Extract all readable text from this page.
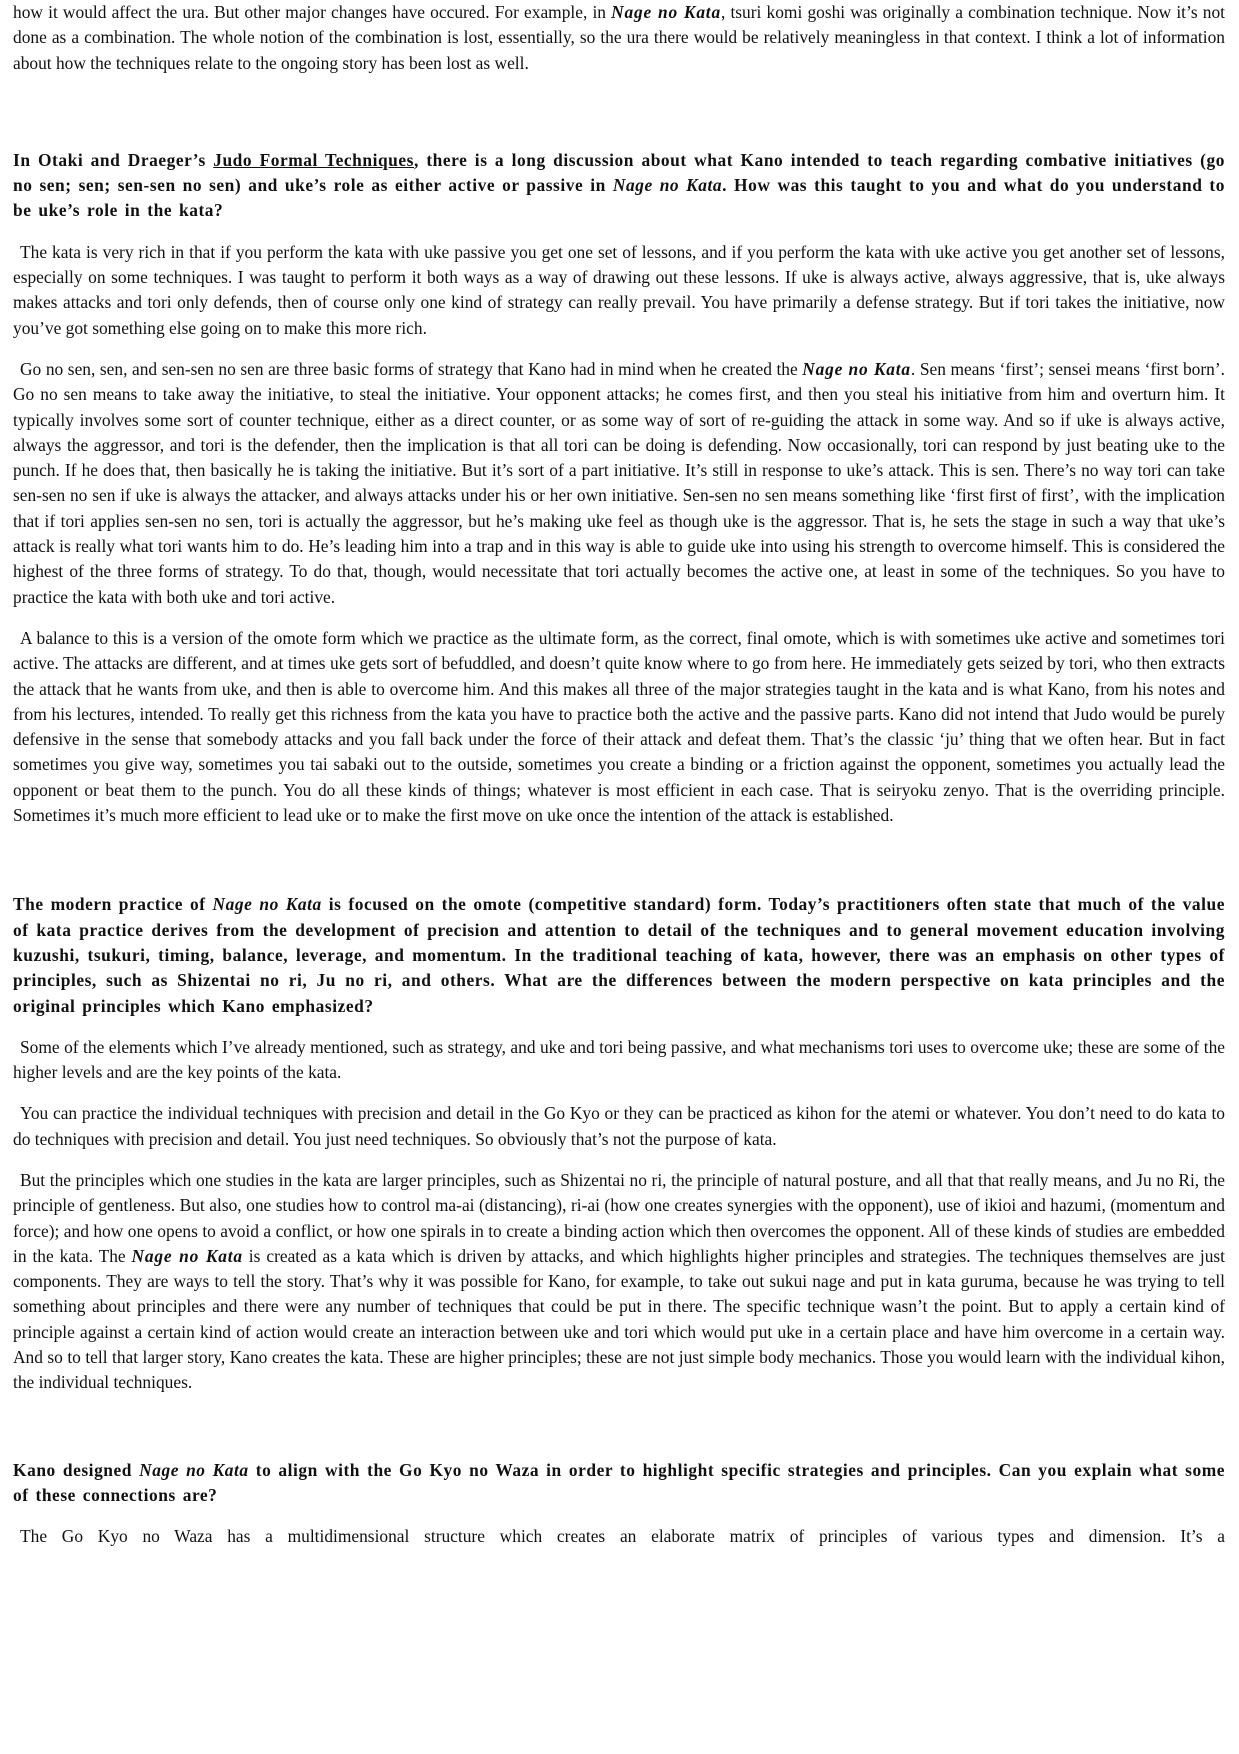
how it would affect the ura. But other major changes have occured. For example, in Nage no Kata, tsuri komi goshi was originally a combination technique. Now it’s not done as a combination. The whole notion of the combination is lost, essentially, so the ura there would be relatively meaningless in that context. I think a lot of information about how the techniques relate to the ongoing story has been lost as well.

In Otaki and Draeger’s Judo Formal Techniques, there is a long discussion about what Kano intended to teach regarding combative initiatives (go no sen; sen; sen-sen no sen) and uke’s role as either active or passive in Nage no Kata. How was this taught to you and what do you understand to be uke’s role in the kata?

The kata is very rich in that if you perform the kata with uke passive you get one set of lessons, and if you perform the kata with uke active you get another set of lessons, especially on some techniques. I was taught to perform it both ways as a way of drawing out these lessons. If uke is always active, always aggressive, that is, uke always makes attacks and tori only defends, then of course only one kind of strategy can really prevail. You have primarily a defense strategy. But if tori takes the initiative, now you’ve got something else going on to make this more rich.

Go no sen, sen, and sen-sen no sen are three basic forms of strategy that Kano had in mind when he created the Nage no Kata. Sen means ‘first’; sensei means ‘first born’. Go no sen means to take away the initiative, to steal the initiative. Your opponent attacks; he comes first, and then you steal his initiative from him and overturn him. It typically involves some sort of counter technique, either as a direct counter, or as some way of sort of re-guiding the attack in some way. And so if uke is always active, always the aggressor, and tori is the defender, then the implication is that all tori can be doing is defending. Now occasionally, tori can respond by just beating uke to the punch. If he does that, then basically he is taking the initiative. But it’s sort of a part initiative. It’s still in response to uke’s attack. This is sen. There’s no way tori can take sen-sen no sen if uke is always the attacker, and always attacks under his or her own initiative. Sen-sen no sen means something like ‘first first of first’, with the implication that if tori applies sen-sen no sen, tori is actually the aggressor, but he’s making uke feel as though uke is the aggressor. That is, he sets the stage in such a way that uke’s attack is really what tori wants him to do. He’s leading him into a trap and in this way is able to guide uke into using his strength to overcome himself. This is considered the highest of the three forms of strategy. To do that, though, would necessitate that tori actually becomes the active one, at least in some of the techniques. So you have to practice the kata with both uke and tori active.

A balance to this is a version of the omote form which we practice as the ultimate form, as the correct, final omote, which is with sometimes uke active and sometimes tori active. The attacks are different, and at times uke gets sort of befuddled, and doesn’t quite know where to go from here. He immediately gets seized by tori, who then extracts the attack that he wants from uke, and then is able to overcome him. And this makes all three of the major strategies taught in the kata and is what Kano, from his notes and from his lectures, intended. To really get this richness from the kata you have to practice both the active and the passive parts. Kano did not intend that Judo would be purely defensive in the sense that somebody attacks and you fall back under the force of their attack and defeat them. That’s the classic ‘ju’ thing that we often hear. But in fact sometimes you give way, sometimes you tai sabaki out to the outside, sometimes you create a binding or a friction against the opponent, sometimes you actually lead the opponent or beat them to the punch. You do all these kinds of things; whatever is most efficient in each case. That is seiryoku zenyo. That is the overriding principle. Sometimes it’s much more efficient to lead uke or to make the first move on uke once the intention of the attack is established.

The modern practice of Nage no Kata is focused on the omote (competitive standard) form. Today’s practitioners often state that much of the value of kata practice derives from the development of precision and attention to detail of the techniques and to general movement education involving kuzushi, tsukuri, timing, balance, leverage, and momentum. In the traditional teaching of kata, however, there was an emphasis on other types of principles, such as Shizentai no ri, Ju no ri, and others. What are the differences between the modern perspective on kata principles and the original principles which Kano emphasized?

Some of the elements which I’ve already mentioned, such as strategy, and uke and tori being passive, and what mechanisms tori uses to overcome uke; these are some of the higher levels and are the key points of the kata.

You can practice the individual techniques with precision and detail in the Go Kyo or they can be practiced as kihon for the atemi or whatever. You don’t need to do kata to do techniques with precision and detail. You just need techniques. So obviously that’s not the purpose of kata.

But the principles which one studies in the kata are larger principles, such as Shizentai no ri, the principle of natural posture, and all that that really means, and Ju no Ri, the principle of gentleness. But also, one studies how to control ma-ai (distancing), ri-ai (how one creates synergies with the opponent), use of ikioi and hazumi, (momentum and force); and how one opens to avoid a conflict, or how one spirals in to create a binding action which then overcomes the opponent. All of these kinds of studies are embedded in the kata. The Nage no Kata is created as a kata which is driven by attacks, and which highlights higher principles and strategies. The techniques themselves are just components. They are ways to tell the story. That’s why it was possible for Kano, for example, to take out sukui nage and put in kata guruma, because he was trying to tell something about principles and there were any number of techniques that could be put in there. The specific technique wasn’t the point. But to apply a certain kind of principle against a certain kind of action would create an interaction between uke and tori which would put uke in a certain place and have him overcome in a certain way. And so to tell that larger story, Kano creates the kata. These are higher principles; these are not just simple body mechanics. Those you would learn with the individual kihon, the individual techniques.

Kano designed Nage no Kata to align with the Go Kyo no Waza in order to highlight specific strategies and principles. Can you explain what some of these connections are?

The Go Kyo no Waza has a multidimensional structure which creates an elaborate matrix of principles of various types and dimension. It’s a
